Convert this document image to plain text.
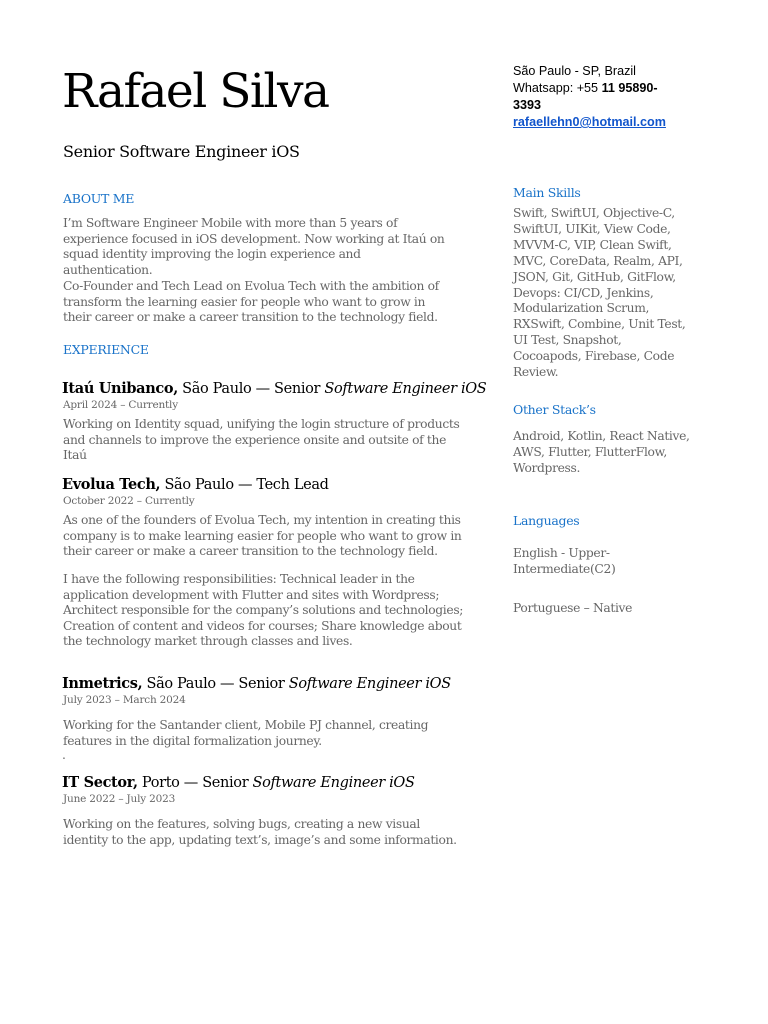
Rafael Silva
Senior Software Engineer iOS
São Paulo - SP, Brazil
Whatsapp: +55 11 95890-3393
rafaellehn0@hotmail.com
ABOUT ME
I’m Software Engineer Mobile with more than 5 years of experience focused in iOS development. Now working at Itaú on squad identity improving the login experience and authentication.
Co-Founder and Tech Lead on Evolua Tech with the ambition of transform the learning easier for people who want to grow in their career or make a career transition to the technology field.
EXPERIENCE
Itaú Unibanco, São Paulo — Senior Software Engineer iOS
April 2024 – Currently
Working on Identity squad, unifying the login structure of products and channels to improve the experience onsite and outsite of the Itaú
Evolua Tech, São Paulo — Tech Lead
October 2022 – Currently
As one of the founders of Evolua Tech, my intention in creating this company is to make learning easier for people who want to grow in their career or make a career transition to the technology field.
I have the following responsibilities: Technical leader in the application development with Flutter and sites with Wordpress; Architect responsible for the company’s solutions and technologies; Creation of content and videos for courses; Share knowledge about the technology market through classes and lives.
Inmetrics, São Paulo — Senior Software Engineer iOS
July 2023 – March 2024
Working for the Santander client, Mobile PJ channel, creating features in the digital formalization journey.
.
IT Sector, Porto — Senior Software Engineer iOS
June 2022 – July 2023
Working on the features, solving bugs, creating a new visual identity to the app, updating text’s, image’s and some information.
Main Skills
Swift, SwiftUI, Objective-C, SwiftUI, UIKit, View Code, MVVM-C, VIP, Clean Swift, MVC, CoreData, Realm, API, JSON, Git, GitHub, GitFlow, Devops: CI/CD, Jenkins, Modularization Scrum, RXSwift, Combine, Unit Test, UI Test, Snapshot, Cocoapods, Firebase, Code Review.
Other Stack’s
Android, Kotlin, React Native, AWS, Flutter, FlutterFlow, Wordpress.
Languages
English - Upper-Intermediate(C2)
Portuguese – Native
